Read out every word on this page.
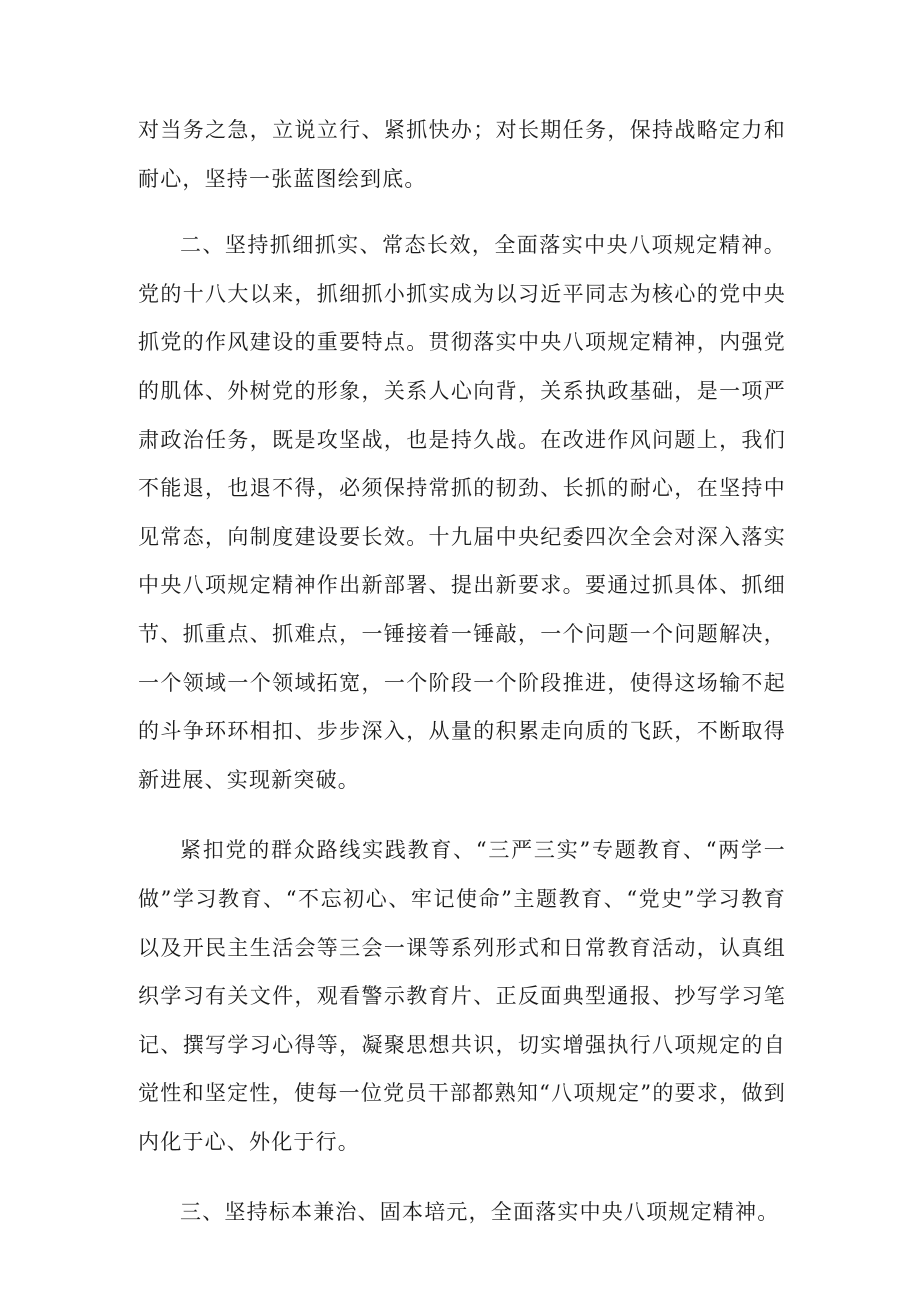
对当务之急，立说立行、紧抓快办；对长期任务，保持战略定力和耐心，坚持一张蓝图绘到底。

二、坚持抓细抓实、常态长效，全面落实中央八项规定精神。党的十八大以来，抓细抓小抓实成为以习近平同志为核心的党中央抓党的作风建设的重要特点。贯彻落实中央八项规定精神，内强党的肌体、外树党的形象，关系人心向背，关系执政基础，是一项严肃政治任务，既是攻坚战，也是持久战。在改进作风问题上，我们不能退，也退不得，必须保持常抓的韧劲、长抓的耐心，在坚持中见常态，向制度建设要长效。十九届中央纪委四次全会对深入落实中央八项规定精神作出新部署、提出新要求。要通过抓具体、抓细节、抓重点、抓难点，一锤接着一锤敲，一个问题一个问题解决，一个领域一个领域拓宽，一个阶段一个阶段推进，使得这场输不起的斗争环环相扣、步步深入，从量的积累走向质的飞跃，不断取得新进展、实现新突破。

紧扣党的群众路线实践教育、“三严三实”专题教育、“两学一做”学习教育、“不忘初心、牢记使命”主题教育、“党史”学习教育以及开民主生活会等三会一课等系列形式和日常教育活动，认真组织学习有关文件，观看警示教育片、正反面典型通报、抄写学习笔记、撰写学习心得等，凝聚思想共识，切实增强执行八项规定的自觉性和坚定性，使每一位党员干部都熟知“八项规定”的要求，做到内化于心、外化于行。

三、坚持标本兼治、固本培元，全面落实中央八项规定精神。
